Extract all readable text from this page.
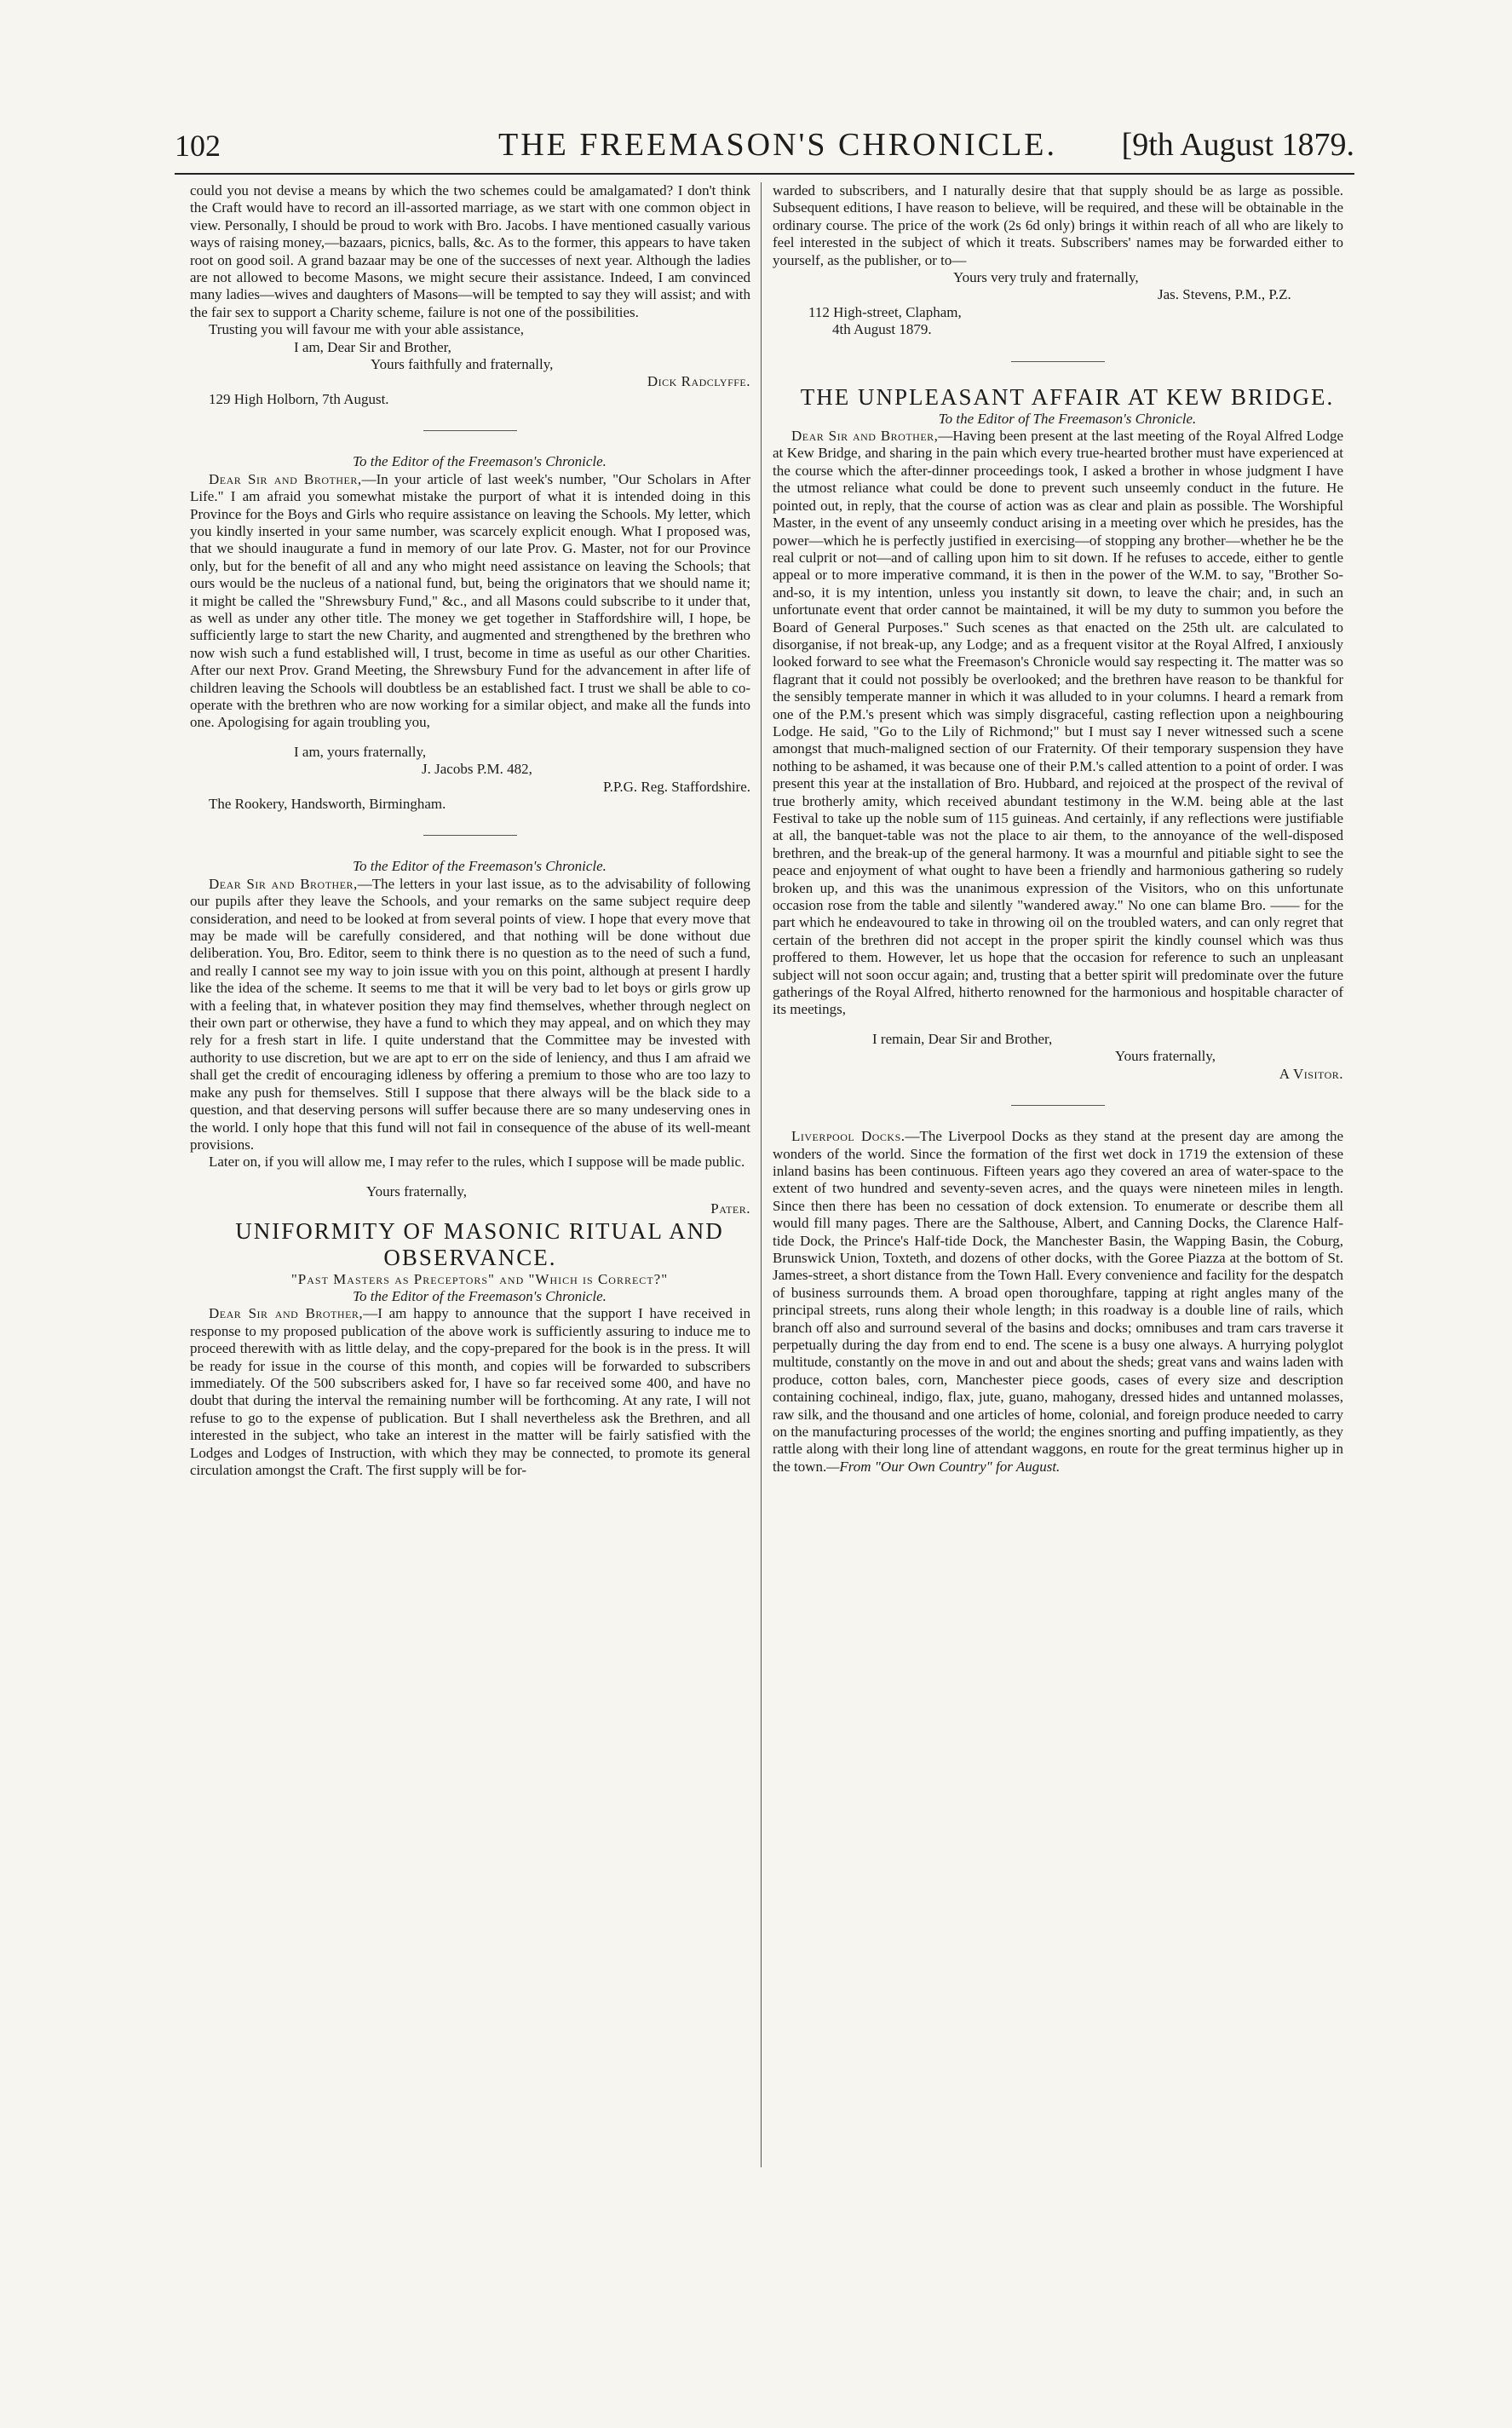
102	THE FREEMASON'S CHRONICLE. [9th August 1879.

could you not devise a means by which the two schemes could be amalgamated? I don't think the Craft would have to record an ill-assorted marriage, as we start with one common object in view. Personally, I should be proud to work with Bro. Jacobs. I have mentioned casually various ways of raising money,—bazaars, picnics, balls, &c. As to the former, this appears to have taken root on good soil. A grand bazaar may be one of the successes of next year. Although the ladies are not allowed to become Masons, we might secure their assistance. Indeed, I am convinced many ladies—wives and daughters of Masons—will be tempted to say they will assist; and with the fair sex to support a Charity scheme, failure is not one of the possibilities.

Trusting you will favour me with your able assistance,

I am, Dear Sir and Brother,

Yours faithfully and fraternally,

Dick Radclyffe.

129 High Holborn, 7th August.

To the Editor of the Freemason's Chronicle.

Dear Sir and Brother,—In your article of last week's number, "Our Scholars in After Life." I am afraid you somewhat mistake the purport of what it is intended doing in this Province for the Boys and Girls who require assistance on leaving the Schools. My letter, which you kindly inserted in your same number, was scarcely explicit enough. What I proposed was, that we should inaugurate a fund in memory of our late Prov. G. Master, not for our Province only, but for the benefit of all and any who might need assistance on leaving the Schools; that ours would be the nucleus of a national fund, but, being the originators that we should name it; it might be called the "Shrewsbury Fund," &c., and all Masons could subscribe to it under that, as well as under any other title. The money we get together in Staffordshire will, I hope, be sufficiently large to start the new Charity, and augmented and strengthened by the brethren who now wish such a fund established will, I trust, become in time as useful as our other Charities. After our next Prov. Grand Meeting, the Shrewsbury Fund for the advancement in after life of children leaving the Schools will doubtless be an established fact. I trust we shall be able to co-operate with the brethren who are now working for a similar object, and make all the funds into one. Apologising for again troubling you,

I am, yours fraternally,

J. Jacobs P.M. 482,

P.P.G. Reg. Staffordshire.

The Rookery, Handsworth, Birmingham.

To the Editor of the Freemason's Chronicle.

Dear Sir and Brother,—The letters in your last issue, as to the advisability of following our pupils after they leave the Schools, and your remarks on the same subject require deep consideration, and need to be looked at from several points of view. I hope that every move that may be made will be carefully considered, and that nothing will be done without due deliberation. You, Bro. Editor, seem to think there is no question as to the need of such a fund, and really I cannot see my way to join issue with you on this point, although at present I hardly like the idea of the scheme. It seems to me that it will be very bad to let boys or girls grow up with a feeling that, in whatever position they may find themselves, whether through neglect on their own part or otherwise, they have a fund to which they may appeal, and on which they may rely for a fresh start in life. I quite understand that the Committee may be invested with authority to use discretion, but we are apt to err on the side of leniency, and thus I am afraid we shall get the credit of encouraging idleness by offering a premium to those who are too lazy to make any push for themselves. Still I suppose that there always will be the black side to a question, and that deserving persons will suffer because there are so many undeserving ones in the world. I only hope that this fund will not fail in consequence of the abuse of its well-meant provisions.

Later on, if you will allow me, I may refer to the rules, which I suppose will be made public.

Yours fraternally,

Pater.

UNIFORMITY OF MASONIC RITUAL AND OBSERVANCE.

"Past Masters as Preceptors" and "Which is Correct?"

To the Editor of the Freemason's Chronicle.

Dear Sir and Brother,—I am happy to announce that the support I have received in response to my proposed publication of the above work is sufficiently assuring to induce me to proceed therewith with as little delay, and the copy-prepared for the book is in the press. It will be ready for issue in the course of this month, and copies will be forwarded to subscribers immediately. Of the 500 subscribers asked for, I have so far received some 400, and have no doubt that during the interval the remaining number will be forthcoming. At any rate, I will not refuse to go to the expense of publication. But I shall nevertheless ask the Brethren, and all interested in the subject, who take an interest in the matter will be fairly satisfied with the Lodges and Lodges of Instruction, with which they may be connected, to promote its general circulation amongst the Craft. The first supply will be for-

warded to subscribers, and I naturally desire that that supply should be as large as possible. Subsequent editions, I have reason to believe, will be required, and these will be obtainable in the ordinary course. The price of the work (2s 6d only) brings it within reach of all who are likely to feel interested in the subject of which it treats. Subscribers' names may be forwarded either to yourself, as the publisher, or to—

Yours very truly and fraternally,

Jas. Stevens, P.M., P.Z.

112 High-street, Clapham,

4th August 1879.

THE UNPLEASANT AFFAIR AT KEW BRIDGE.

To the Editor of The Freemason's Chronicle.

Dear Sir and Brother,—Having been present at the last meeting of the Royal Alfred Lodge at Kew Bridge, and sharing in the pain which every true-hearted brother must have experienced at the course which the after-dinner proceedings took, I asked a brother in whose judgment I have the utmost reliance what could be done to prevent such unseemly conduct in the future. He pointed out, in reply, that the course of action was as clear and plain as possible. The Worshipful Master, in the event of any unseemly conduct arising in a meeting over which he presides, has the power—which he is perfectly justified in exercising—of stopping any brother—whether he be the real culprit or not—and of calling upon him to sit down. If he refuses to accede, either to gentle appeal or to more imperative command, it is then in the power of the W.M. to say, "Brother So-and-so, it is my intention, unless you instantly sit down, to leave the chair; and, in such an unfortunate event that order cannot be maintained, it will be my duty to summon you before the Board of General Purposes." Such scenes as that enacted on the 25th ult. are calculated to disorganise, if not break-up, any Lodge; and as a frequent visitor at the Royal Alfred, I anxiously looked forward to see what the Freemason's Chronicle would say respecting it. The matter was so flagrant that it could not possibly be overlooked; and the brethren have reason to be thankful for the sensibly temperate manner in which it was alluded to in your columns. I heard a remark from one of the P.M.'s present which was simply disgraceful, casting reflection upon a neighbouring Lodge. He said, "Go to the Lily of Richmond;" but I must say I never witnessed such a scene amongst that much-maligned section of our Fraternity. Of their temporary suspension they have nothing to be ashamed, it was because one of their P.M.'s called attention to a point of order. I was present this year at the installation of Bro. Hubbard, and rejoiced at the prospect of the revival of true brotherly amity, which received abundant testimony in the W.M. being able at the last Festival to take up the noble sum of 115 guineas. And certainly, if any reflections were justifiable at all, the banquet-table was not the place to air them, to the annoyance of the well-disposed brethren, and the break-up of the general harmony. It was a mournful and pitiable sight to see the peace and enjoyment of what ought to have been a friendly and harmonious gathering so rudely broken up, and this was the unanimous expression of the Visitors, who on this unfortunate occasion rose from the table and silently "wandered away." No one can blame Bro. —— for the part which he endeavoured to take in throwing oil on the troubled waters, and can only regret that certain of the brethren did not accept in the proper spirit the kindly counsel which was thus proffered to them. However, let us hope that the occasion for reference to such an unpleasant subject will not soon occur again; and, trusting that a better spirit will predominate over the future gatherings of the Royal Alfred, hitherto renowned for the harmonious and hospitable character of its meetings,

I remain, Dear Sir and Brother,

Yours fraternally,

A Visitor.

Liverpool Docks.—The Liverpool Docks as they stand at the present day are among the wonders of the world. Since the formation of the first wet dock in 1719 the extension of these inland basins has been continuous. Fifteen years ago they covered an area of water-space to the extent of two hundred and seventy-seven acres, and the quays were nineteen miles in length. Since then there has been no cessation of dock extension. To enumerate or describe them all would fill many pages. There are the Salthouse, Albert, and Canning Docks, the Clarence Half-tide Dock, the Prince's Half-tide Dock, the Manchester Basin, the Wapping Basin, the Coburg, Brunswick Union, Toxteth, and dozens of other docks, with the Goree Piazza at the bottom of St. James-street, a short distance from the Town Hall. Every convenience and facility for the despatch of business surrounds them. A broad open thoroughfare, tapping at right angles many of the principal streets, runs along their whole length; in this roadway is a double line of rails, which branch off also and surround several of the basins and docks; omnibuses and tram cars traverse it perpetually during the day from end to end. The scene is a busy one always. A hurrying polyglot multitude, constantly on the move in and out and about the sheds; great vans and wains laden with produce, cotton bales, corn, Manchester piece goods, cases of every size and description containing cochineal, indigo, flax, jute, guano, mahogany, dressed hides and untanned molasses, raw silk, and the thousand and one articles of home, colonial, and foreign produce needed to carry on the manufacturing processes of the world; the engines snorting and puffing impatiently, as they rattle along with their long line of attendant waggons, en route for the great terminus higher up in the town.—From "Our Own Country" for August.
